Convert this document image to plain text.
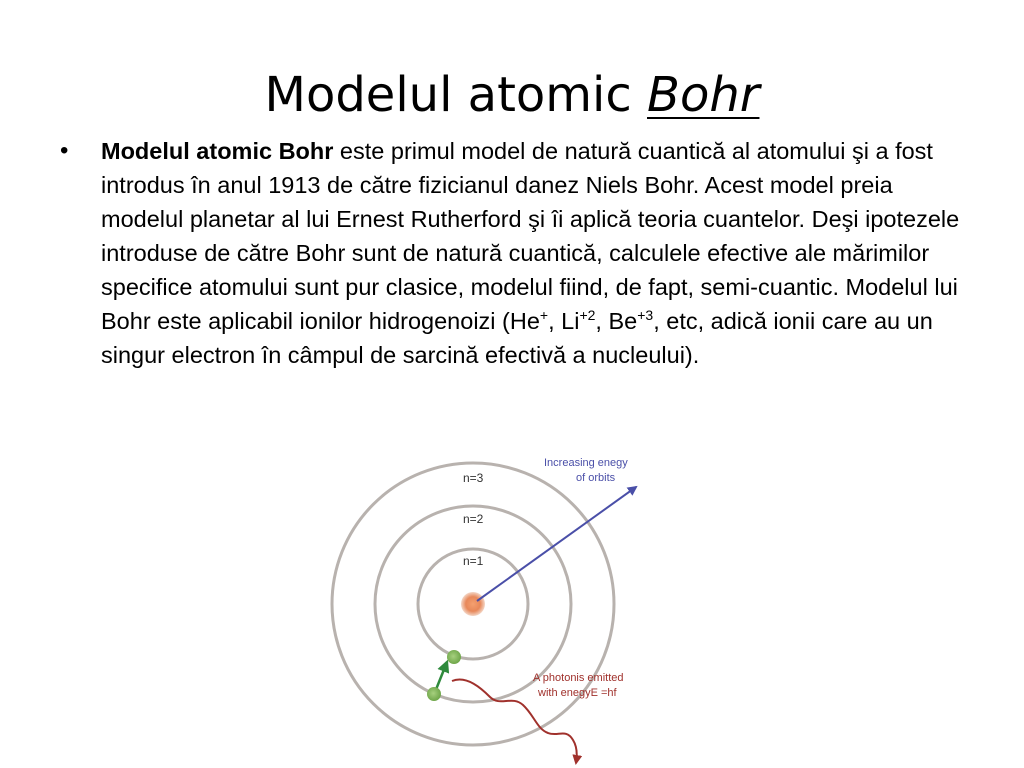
Modelul atomic Bohr
• Modelul atomic Bohr este primul model de natură cuantică al atomului şi a fost introdus în anul 1913 de către fizicianul danez Niels Bohr. Acest model preia modelul planetar al lui Ernest Rutherford şi îi aplică teoria cuantelor. Deşi ipotezele introduse de către Bohr sunt de natură cuantică, calculele efective ale mărimilor specifice atomului sunt pur clasice, modelul fiind, de fapt, semi-cuantic. Modelul lui Bohr este aplicabil ionilor hidrogenoizi (He+, $Li^{+2}$, $Be^{+3}$, etc, adică ionii care au un singur electron în câmpul de sarcină efectivă a nucleului).
n=3
n=2
n=1
Increasing enegy
of orbits
A photonis emitted
with enegyE =hf
